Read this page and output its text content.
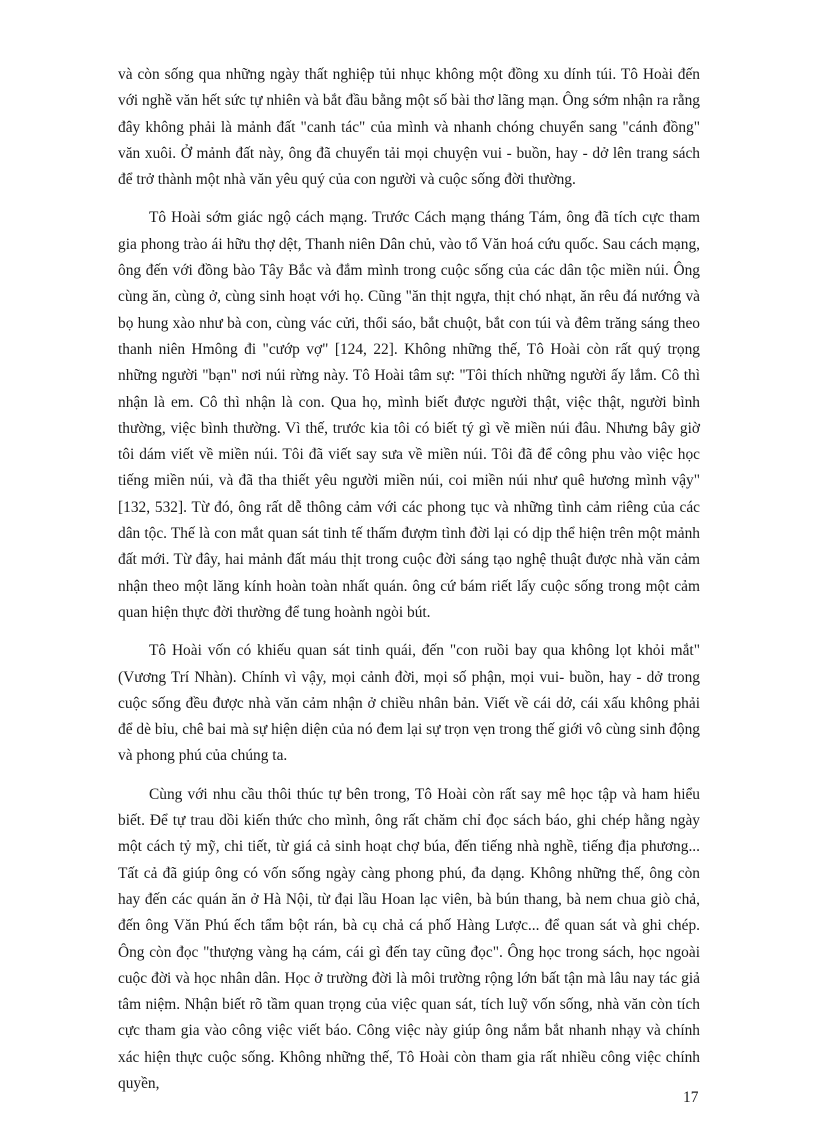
và còn sống qua những ngày thất nghiệp tủi nhục không một đồng xu dính túi. Tô Hoài đến với nghề văn hết sức tự nhiên và bắt đầu bằng một số bài thơ lãng mạn. Ông sớm nhận ra rằng đây không phải là mảnh đất "canh tác" của mình và nhanh chóng chuyển sang "cánh đồng" văn xuôi. Ở mảnh đất này, ông đã chuyển tải mọi chuyện vui - buồn, hay - dở lên trang sách để trở thành một nhà văn yêu quý của con người và cuộc sống đời thường.

Tô Hoài sớm giác ngộ cách mạng. Trước Cách mạng tháng Tám, ông đã tích cực tham gia phong trào ái hữu thợ dệt, Thanh niên Dân chủ, vào tổ Văn hoá cứu quốc. Sau cách mạng, ông đến với đồng bào Tây Bắc và đắm mình trong cuộc sống của các dân tộc miền núi. Ông cùng ăn, cùng ở, cùng sinh hoạt với họ. Cũng "ăn thịt ngựa, thịt chó nhạt, ăn rêu đá nướng và bọ hung xào như bà con, cùng vác cửi, thổi sáo, bắt chuột, bắt con túi và đêm trăng sáng theo thanh niên Hmông đi "cướp vợ" [124, 22]. Không những thế, Tô Hoài còn rất quý trọng những người "bạn" nơi núi rừng này. Tô Hoài tâm sự: "Tôi thích những người ấy lắm. Cô thì nhận là em. Cô thì nhận là con. Qua họ, mình biết được người thật, việc thật, người bình thường, việc bình thường. Vì thế, trước kia tôi có biết tý gì về miền núi đâu. Nhưng bây giờ tôi dám viết về miền núi. Tôi đã viết say sưa về miền núi. Tôi đã để công phu vào việc học tiếng miền núi, và đã tha thiết yêu người miền núi, coi miền núi như quê hương mình vậy" [132, 532]. Từ đó, ông rất dễ thông cảm với các phong tục và những tình cảm riêng của các dân tộc. Thế là con mắt quan sát tinh tế thấm đượm tình đời lại có dịp thể hiện trên một mảnh đất mới. Từ đây, hai mảnh đất máu thịt trong cuộc đời sáng tạo nghệ thuật được nhà văn cảm nhận theo một lăng kính hoàn toàn nhất quán. ông cứ bám riết lấy cuộc sống trong một cảm quan hiện thực đời thường để tung hoành ngòi bút.

Tô Hoài vốn có khiếu quan sát tinh quái, đến "con ruồi bay qua không lọt khỏi mắt"(Vương Trí Nhàn). Chính vì vậy, mọi cảnh đời, mọi số phận, mọi vui- buồn, hay - dở trong cuộc sống đều được nhà văn cảm nhận ở chiều nhân bản. Viết về cái dở, cái xấu không phải để dè bỉu, chê bai mà sự hiện diện của nó đem lại sự trọn vẹn trong thế giới vô cùng sinh động và phong phú của chúng ta.

Cùng với nhu cầu thôi thúc tự bên trong, Tô Hoài còn rất say mê học tập và ham hiểu biết. Để tự trau dồi kiến thức cho mình, ông rất chăm chỉ đọc sách báo, ghi chép hằng ngày một cách tỷ mỹ, chi tiết, từ giá cả sinh hoạt chợ búa, đến tiếng nhà nghề, tiếng địa phương... Tất cả đã giúp ông có vốn sống ngày càng phong phú, đa dạng. Không những thế, ông còn hay đến các quán ăn ở Hà Nội, từ đại lầu Hoan lạc viên, bà bún thang, bà nem chua giò chả, đến ông Văn Phú ếch tẩm bột rán, bà cụ chả cá phố Hàng Lược... để quan sát và ghi chép. Ông còn đọc "thượng vàng hạ cám, cái gì đến tay cũng đọc". Ông học trong sách, học ngoài cuộc đời và học nhân dân. Học ở trường đời là môi trường rộng lớn bất tận mà lâu nay tác giả tâm niệm. Nhận biết rõ tầm quan trọng của việc quan sát, tích luỹ vốn sống, nhà văn còn tích cực tham gia vào công việc viết báo. Công việc này giúp ông nắm bắt nhanh nhạy và chính xác hiện thực cuộc sống. Không những thế, Tô Hoài còn tham gia rất nhiều công việc chính quyền,

17
